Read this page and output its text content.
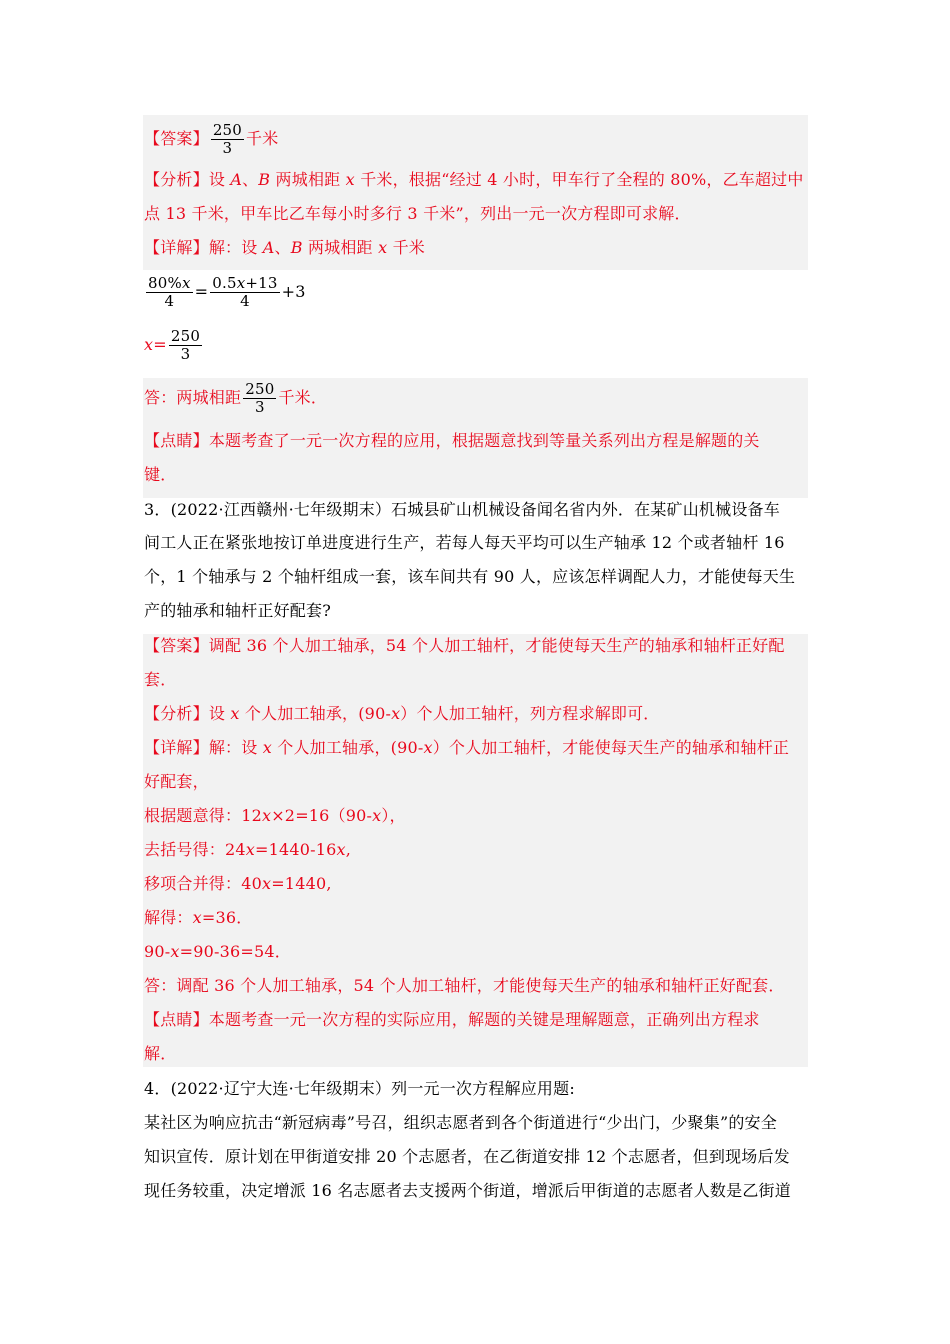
【答案】 $\frac{250}{3}$ 千米
【分析】设 A、B 两城相距 x 千米，根据“经过 4 小时，甲车行了全程的 80%，乙车超过中
点 13 千米，甲车比乙车每小时多行 3 千米”，列出一元一次方程即可求解．
【详解】解：设 A、B 两城相距 x 千米
$\frac{80\%x}{4} = \frac{0.5x+13}{4} +3$
$x= \frac{250}{3}$
答：两城相距 $\frac{250}{3}$ 千米．
【点睛】本题考查了一元一次方程的应用，根据题意找到等量关系列出方程是解题的关
键．
3．(2022·江西赣州·七年级期末）石城县矿山机械设备闻名省内外．在某矿山机械设备车
间工人正在紧张地按订单进度进行生产，若每人每天平均可以生产轴承 12 个或者轴杆 16
个，1 个轴承与 2 个轴杆组成一套，该车间共有 90 人，应该怎样调配人力，才能使每天生
产的轴承和轴杆正好配套?
【答案】调配 36 个人加工轴承，54 个人加工轴杆，才能使每天生产的轴承和轴杆正好配
套．
【分析】设 x 个人加工轴承，(90-x）个人加工轴杆，列方程求解即可．
【详解】解：设 x 个人加工轴承，(90-x）个人加工轴杆，才能使每天生产的轴承和轴杆正
好配套，
根据题意得：12x×2=16（90-x），
去括号得：24x=1440-16x,
移项合并得：40x=1440,
解得：x=36．
90-x=90-36=54．
答：调配 36 个人加工轴承，54 个人加工轴杆，才能使每天生产的轴承和轴杆正好配套．
【点睛】本题考查一元一次方程的实际应用，解题的关键是理解题意，正确列出方程求
解．
4．(2022·辽宁大连·七年级期末）列一元一次方程解应用题:
某社区为响应抗击“新冠病毒”号召，组织志愿者到各个街道进行“少出门，少聚集”的安全
知识宣传．原计划在甲街道安排 20 个志愿者，在乙街道安排 12 个志愿者，但到现场后发
现任务较重，决定增派 16 名志愿者去支援两个街道，增派后甲街道的志愿者人数是乙街道
